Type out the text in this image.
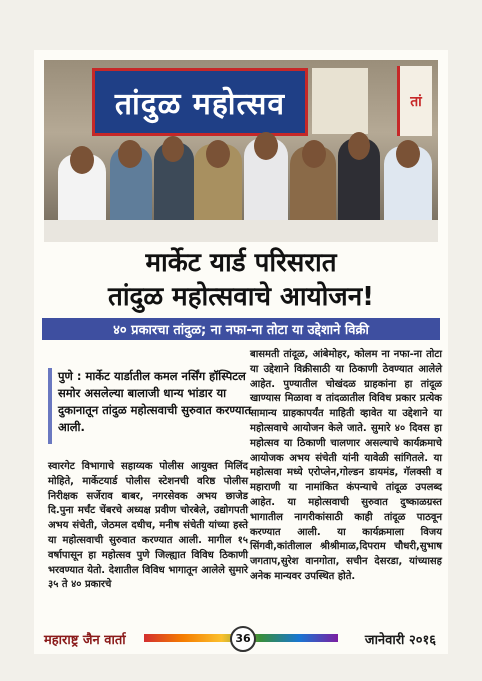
तांदुळ महोत्सव	तां
मार्केट यार्ड परिसरात
तांदुळ महोत्सवाचे आयोजन!
४० प्रकारचा तांदुळ; ना नफा-ना तोटा या उद्देशाने विक्री
पुणे : मार्केट यार्डातील कमल नर्सिंग हॉस्पिटल समोर असलेल्या बालाजी धान्य भांडार या दुकानातून तांदुळ महोत्सवाची सुरुवात करण्यात आली.

स्वारगेट विभागाचे सहाय्यक पोलीस आयुक्त मिलिंद मोहिते, मार्केटयार्ड पोलीस स्टेशनची वरिष्ठ पोलीस निरीक्षक सर्जेराव बाबर, नगरसेवक अभय छाजेड दि.पुना मर्चंट चेंबरचे अध्यक्ष प्रवीण चोरबेले, उद्योगपती अभय संचेती, जेठमल दधीच, मनीष संचेती यांच्या हस्ते या महोत्सवाची सुरुवात करण्यात आली. मागील १५ वर्षापासून हा महोत्सव पुणे जिल्ह्यात विविध ठिकाणी भरवण्यात येतो. देशातील विविध भागातून आलेले सुमारे ३५ ते ४० प्रकारचे

बासमती तांदूळ, आंबेमोहर, कोलम ना नफा-ना तोटा या उद्देशाने विक्रीसाठी या ठिकाणी ठेवण्यात आलेले आहेत. पुण्यातील चोखंदळ ग्राहकांना हा तांदूळ खाण्यास मिळावा व तांदळातील विविध प्रकार प्रत्येक सामान्य ग्राहकापर्यंत माहिती व्हावेत या उद्देशाने या महोत्सवाचे आयोजन केले जाते. सुमारे ४० दिवस हा महोत्सव या ठिकाणी चालणार असल्याचे कार्यक्रमाचे आयोजक अभय संचेती यांनी यावेळी सांगितले. या महोत्सवा मध्ये एरोप्लेन,गोल्डन डायमंड, गॅलक्सी व महाराणी या नामांकित कंपन्याचे तांदूळ उपलब्द आहेत. या महोत्सवाची सुरुवात दुष्काळग्रस्त भागातील नागरीकांसाठी काही तांदूळ पाठवून करण्यात आली. या कार्यक्रमाला विजय सिंगवी,कांतीलाल श्रीश्रीमाळ,दिपराम चौधरी,सुभाष जगताप,सुरेश वानगोता, सचीन देसरडा, यांच्यासह अनेक मान्यवर उपस्थित होते.

महाराष्ट्र जैन वार्ता	36	जानेवारी २०१६
